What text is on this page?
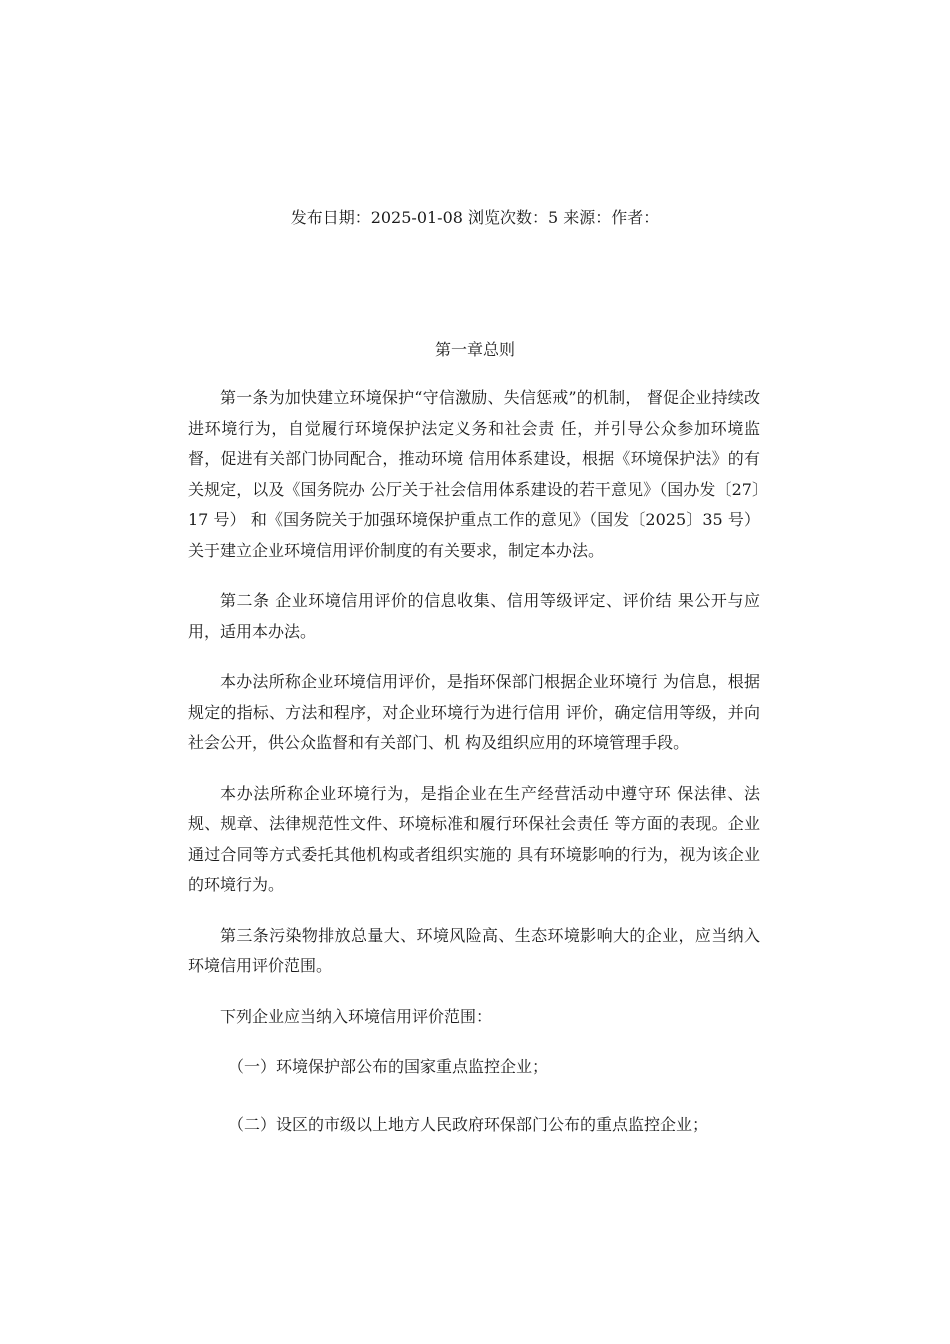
发布日期：2025-01-08 浏览次数：5 来源：作者：
第一章总则

第一条为加快建立环境保护“守信激励、失信惩戒”的机制， 督促企业持续改进环境行为，自觉履行环境保护法定义务和社会责 任，并引导公众参加环境监督，促进有关部门协同配合，推动环境 信用体系建设，根据《环境保护法》的有关规定，以及《国务院办 公厅关于社会信用体系建设的若干意见》（国办发〔27〕17 号） 和《国务院关于加强环境保护重点工作的意见》（国发〔2025〕35 号）关于建立企业环境信用评价制度的有关要求，制定本办法。

第二条 企业环境信用评价的信息收集、信用等级评定、评价结 果公开与应用，适用本办法。

本办法所称企业环境信用评价，是指环保部门根据企业环境行 为信息，根据规定的指标、方法和程序，对企业环境行为进行信用 评价，确定信用等级，并向社会公开，供公众监督和有关部门、机 构及组织应用的环境管理手段。

本办法所称企业环境行为，是指企业在生产经营活动中遵守环 保法律、法规、规章、法律规范性文件、环境标准和履行环保社会责任 等方面的表现。企业通过合同等方式委托其他机构或者组织实施的 具有环境影响的行为，视为该企业的环境行为。

第三条污染物排放总量大、环境风险高、生态环境影响大的企业，应当纳入环境信用评价范围。

下列企业应当纳入环境信用评价范围：

（一）环境保护部公布的国家重点监控企业；

（二）设区的市级以上地方人民政府环保部门公布的重点监控企业；
